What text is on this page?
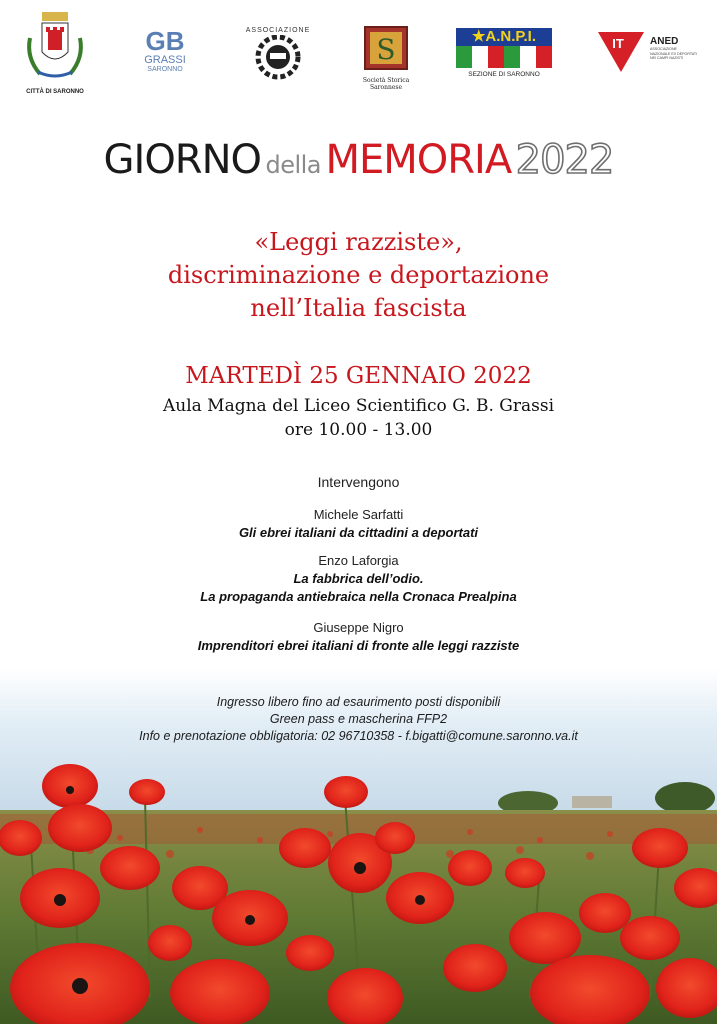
CITTÀ DI SARONNO
GB
GRASSI
SARONNO
ASSOCIAZIONE
S
Società Storica Saronnese
★A.N.P.I.
SEZIONE DI SARONNO
IT	ANED
ASSOCIAZIONE NAZIONALE EX DEPORTATI NEI CAMPI NAZISTI
GIORNO della MEMORIA 2022
«Leggi razziste»,
discriminazione e deportazione
nell’Italia fascista
MARTEDÌ 25 GENNAIO 2022
Aula Magna del Liceo Scientifico G. B. Grassi
ore 10.00 - 13.00
Intervengono
Michele Sarfatti
Gli ebrei italiani da cittadini a deportati
Enzo Laforgia
La fabbrica dell’odio.
La propaganda antiebraica nella Cronaca Prealpina
Giuseppe Nigro
Imprenditori ebrei italiani di fronte alle leggi razziste
Ingresso libero fino ad esaurimento posti disponibili
Green pass e mascherina FFP2
Info e prenotazione obbligatoria: 02 96710358 - f.bigatti@comune.saronno.va.it
